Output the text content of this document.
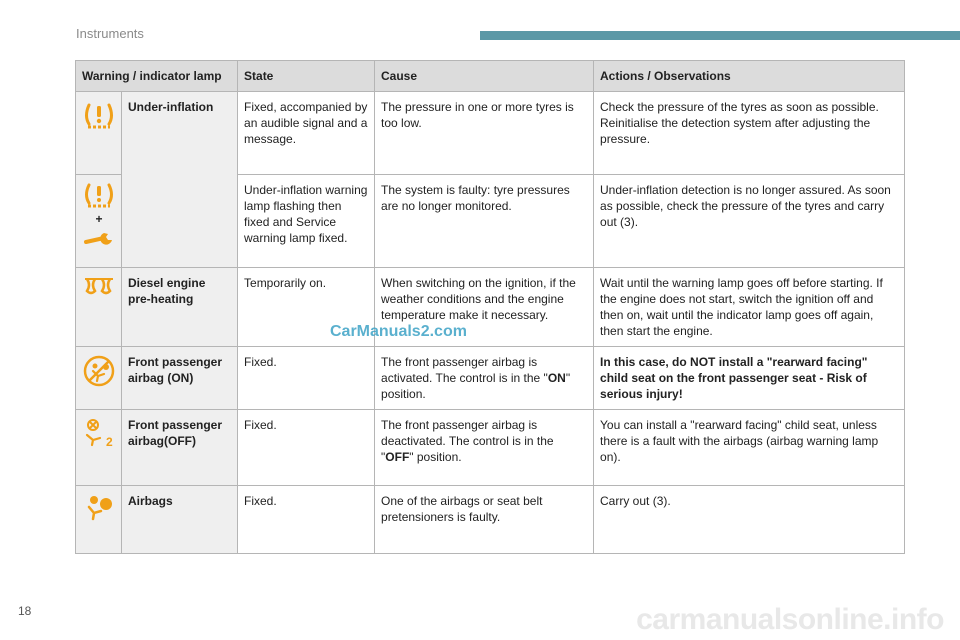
Instruments
Warning / indicator lamp		State	Cause	Actions / Observations

	Under-inflation	Fixed, accompanied by an audible signal and a message.	The pressure in one or more tyres is too low.	Check the pressure of the tyres as soon as possible. Reinitialise the detection system after adjusting the pressure.

+		Under-inflation warning lamp flashing then fixed and Service warning lamp fixed.	The system is faulty: tyre pressures are no longer monitored.	Under-inflation detection is no longer assured. As soon as possible, check the pressure of the tyres and carry out (3).

	Diesel engine pre-heating	Temporarily on.	When switching on the ignition, if the weather conditions and the engine temperature make it necessary.	Wait until the warning lamp goes off before starting. If the engine does not start, switch the ignition off and then on, wait until the indicator lamp goes off again, then start the engine.

	Front passenger airbag (ON)	Fixed.	The front passenger airbag is activated. The control is in the "ON" position.	In this case, do NOT install a "rearward facing" child seat on the front passenger seat - Risk of serious injury!

2	Front passenger airbag(OFF)	Fixed.	The front passenger airbag is deactivated. The control is in the "OFF" position.	You can install a "rearward facing" child seat, unless there is a fault with the airbags (airbag warning lamp on).

	Airbags	Fixed.	One of the airbags or seat belt pretensioners is faulty.	Carry out (3).
CarManuals2.com
18	carmanualsonline.info
